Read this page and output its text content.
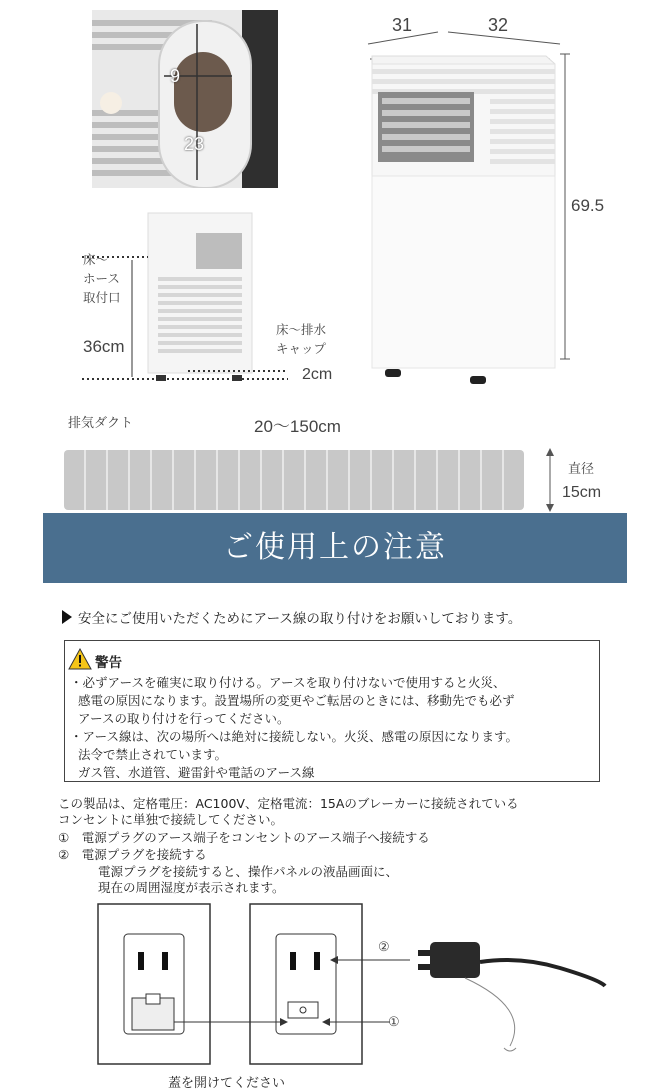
9
23
31	32
69.5
床～
ホース
取付口
36cm
床～排水
キャップ
2cm
排気ダクト	20～150cm
直径
15cm
ご使用上の注意
安全にご使用いただくためにアース線の取り付けをお願いしております。
警告
・必ずアースを確実に取り付ける。アースを取り付けないで使用すると火災、
感電の原因になります。設置場所の変更やご転居のときには、移動先でも必ず
アースの取り付けを行ってください。
・アース線は、次の場所へは絶対に接続しない。火災、感電の原因になります。
法令で禁止されています。
ガス管、水道管、避雷針や電話のアース線
この製品は、定格電圧：AC100V、定格電流：15Aのブレーカーに接続されている
コンセントに単独で接続してください。
①　電源プラグのアース端子をコンセントのアース端子へ接続する
②　電源プラグを接続する
電源プラグを接続すると、操作パネルの液晶画面に、
現在の周囲湿度が表示されます。
②
①
蓋を開けてください
